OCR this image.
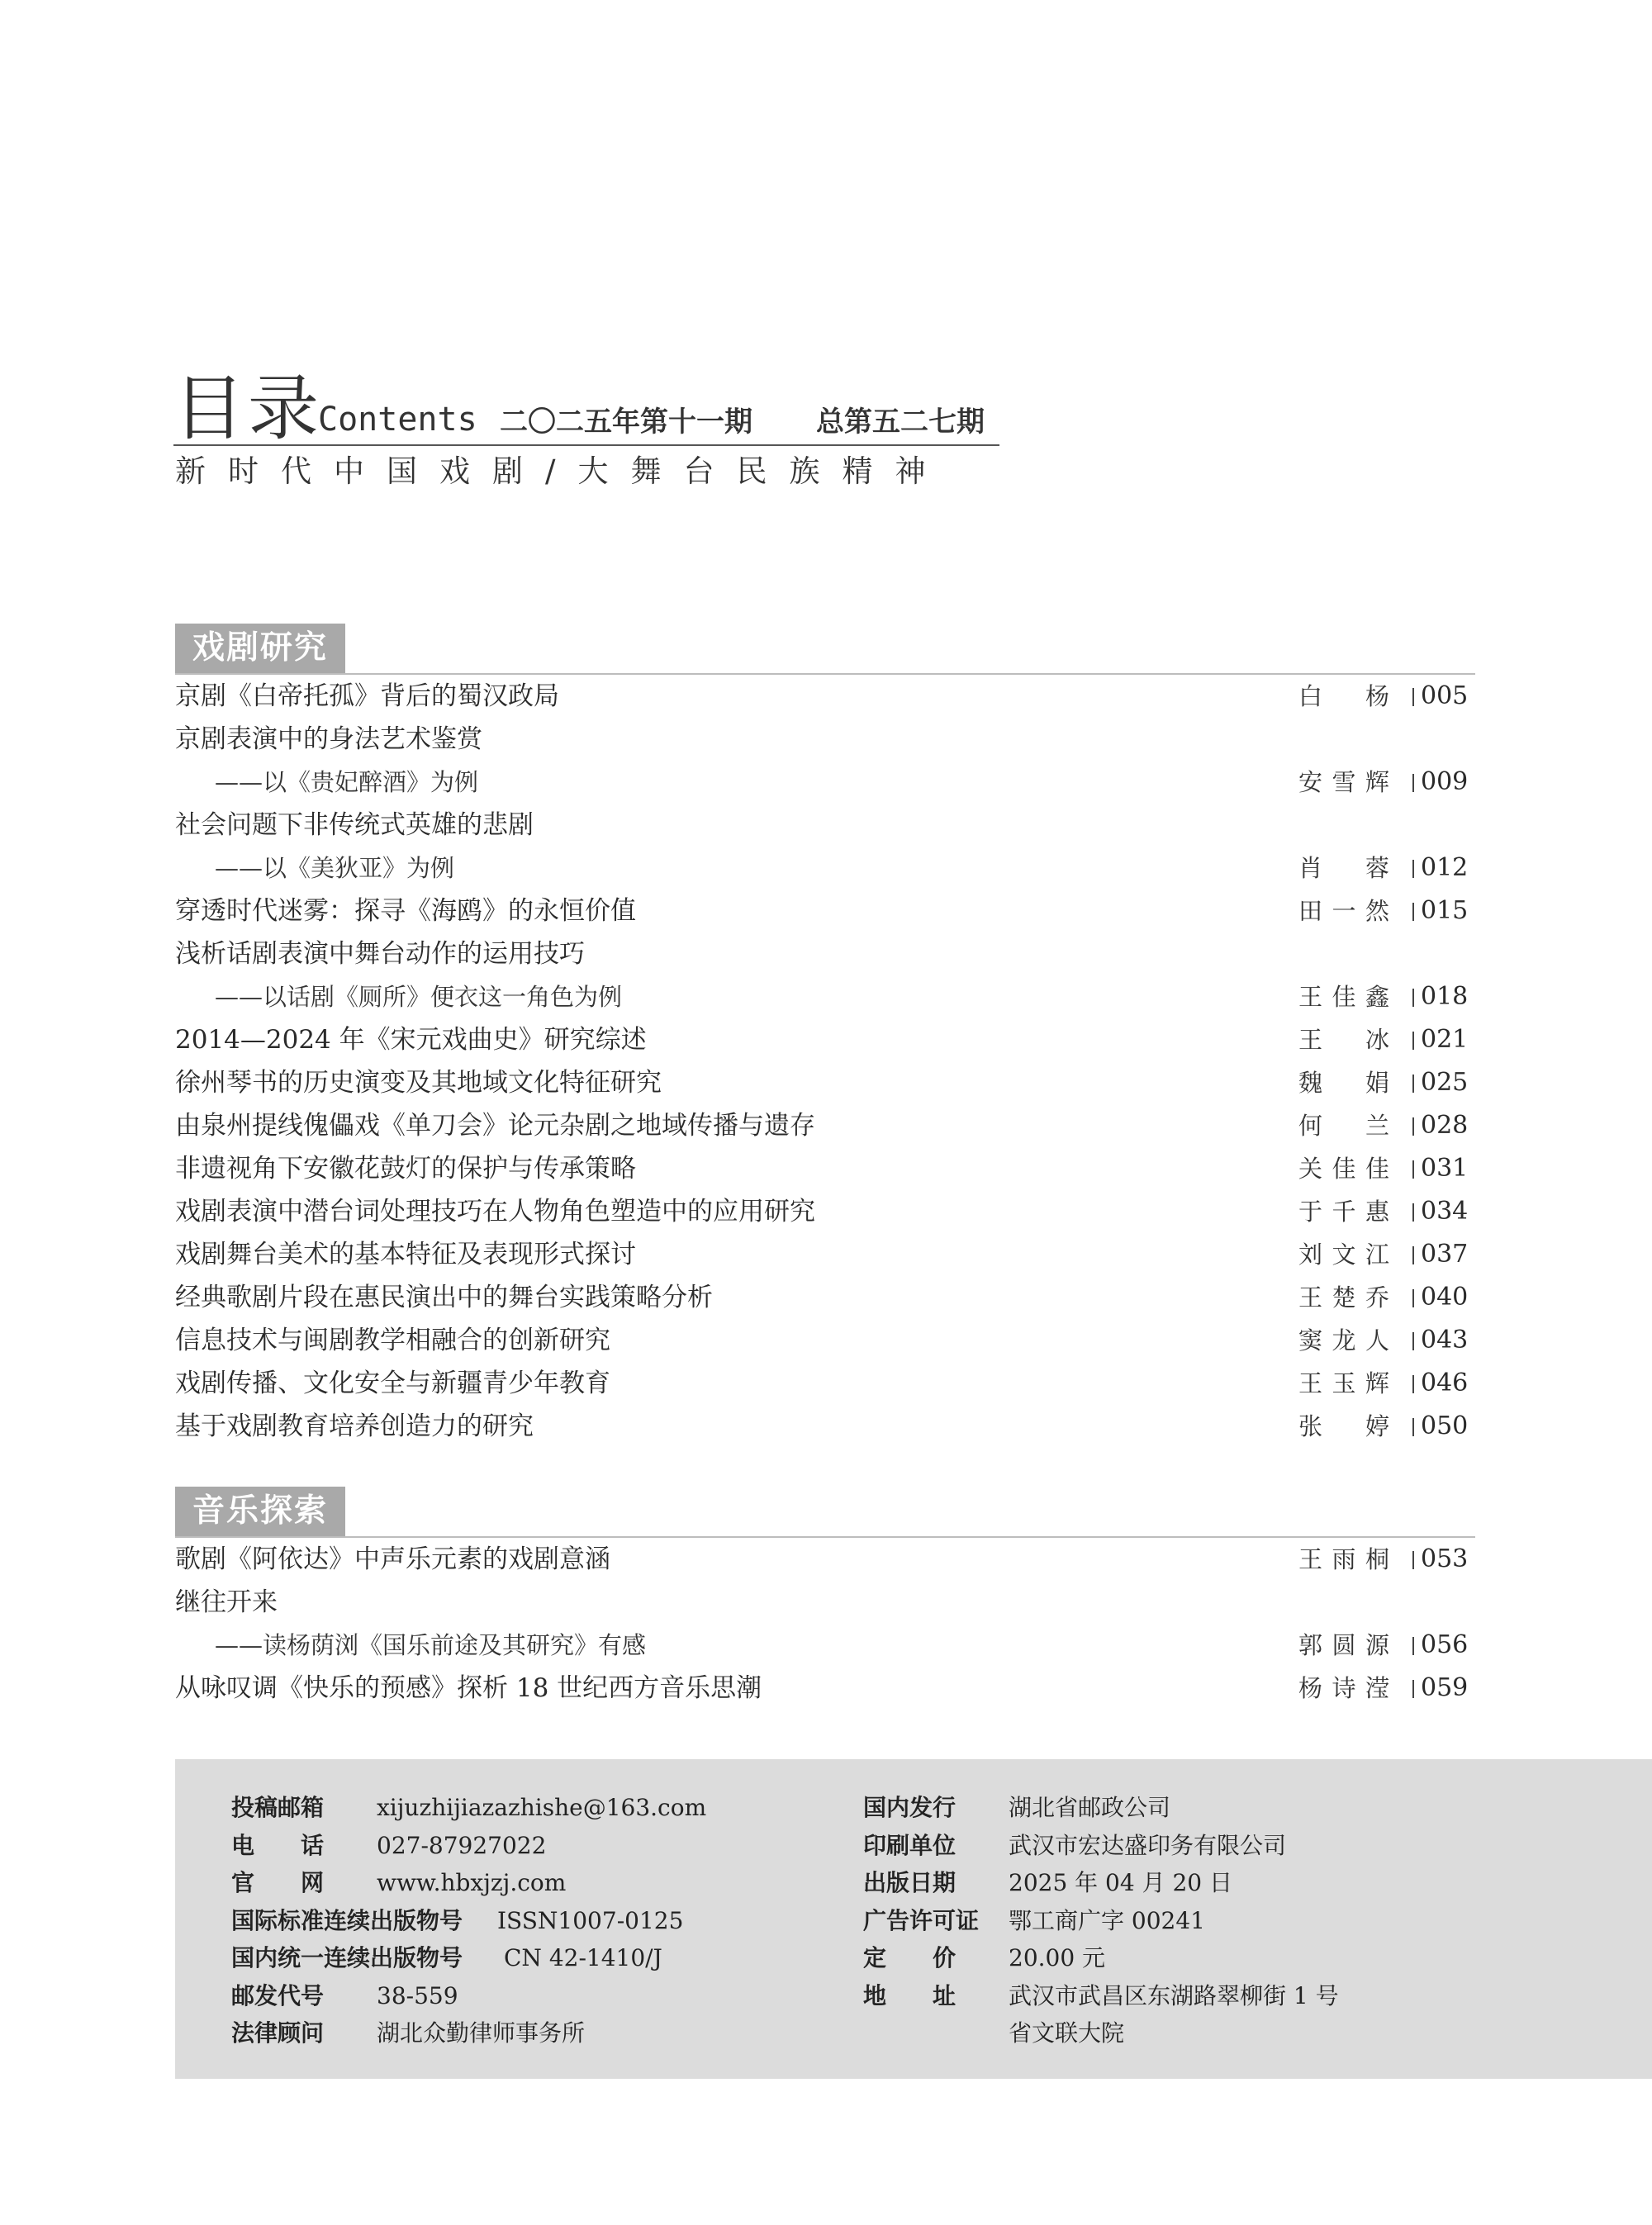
目录
Contents 二〇二五年第十一期 总第五二七期
新时代中国戏剧/大舞台民族精神
戏剧研究
京剧《白帝托孤》背后的蜀汉政局	白杨 005
京剧表演中的身法艺术鉴赏
——以《贵妃醉酒》为例	安雪辉 009
社会问题下非传统式英雄的悲剧
——以《美狄亚》为例	肖蓉 012
穿透时代迷雾：探寻《海鸥》的永恒价值	田一然 015
浅析话剧表演中舞台动作的运用技巧
——以话剧《厕所》便衣这一角色为例	王佳鑫 018
2014—2024 年《宋元戏曲史》研究综述	王冰 021
徐州琴书的历史演变及其地域文化特征研究	魏娟 025
由泉州提线傀儡戏《单刀会》论元杂剧之地域传播与遗存	何兰 028
非遗视角下安徽花鼓灯的保护与传承策略	关佳佳 031
戏剧表演中潜台词处理技巧在人物角色塑造中的应用研究	于千惠 034
戏剧舞台美术的基本特征及表现形式探讨	刘文江 037
经典歌剧片段在惠民演出中的舞台实践策略分析	王楚乔 040
信息技术与闽剧教学相融合的创新研究	窦龙人 043
戏剧传播、文化安全与新疆青少年教育	王玉辉 046
基于戏剧教育培养创造力的研究	张婷 050
音乐探索
歌剧《阿依达》中声乐元素的戏剧意涵	王雨桐 053
继往开来
——读杨荫浏《国乐前途及其研究》有感	郭圆源 056
从咏叹调《快乐的预感》探析 18 世纪西方音乐思潮	杨诗滢 059
投稿邮箱 xijuzhijiazazhishe@163.com
电话 027-87927022
官网 www.hbxjzj.com
国际标准连续出版物号 ISSN1007-0125
国内统一连续出版物号 CN 42-1410/J
邮发代号 38-559
法律顾问 湖北众勤律师事务所
国内发行 湖北省邮政公司
印刷单位 武汉市宏达盛印务有限公司
出版日期 2025 年 04 月 20 日
广告许可证 鄂工商广字 00241
定价 20.00 元
地址 武汉市武昌区东湖路翠柳街 1 号
省文联大院
